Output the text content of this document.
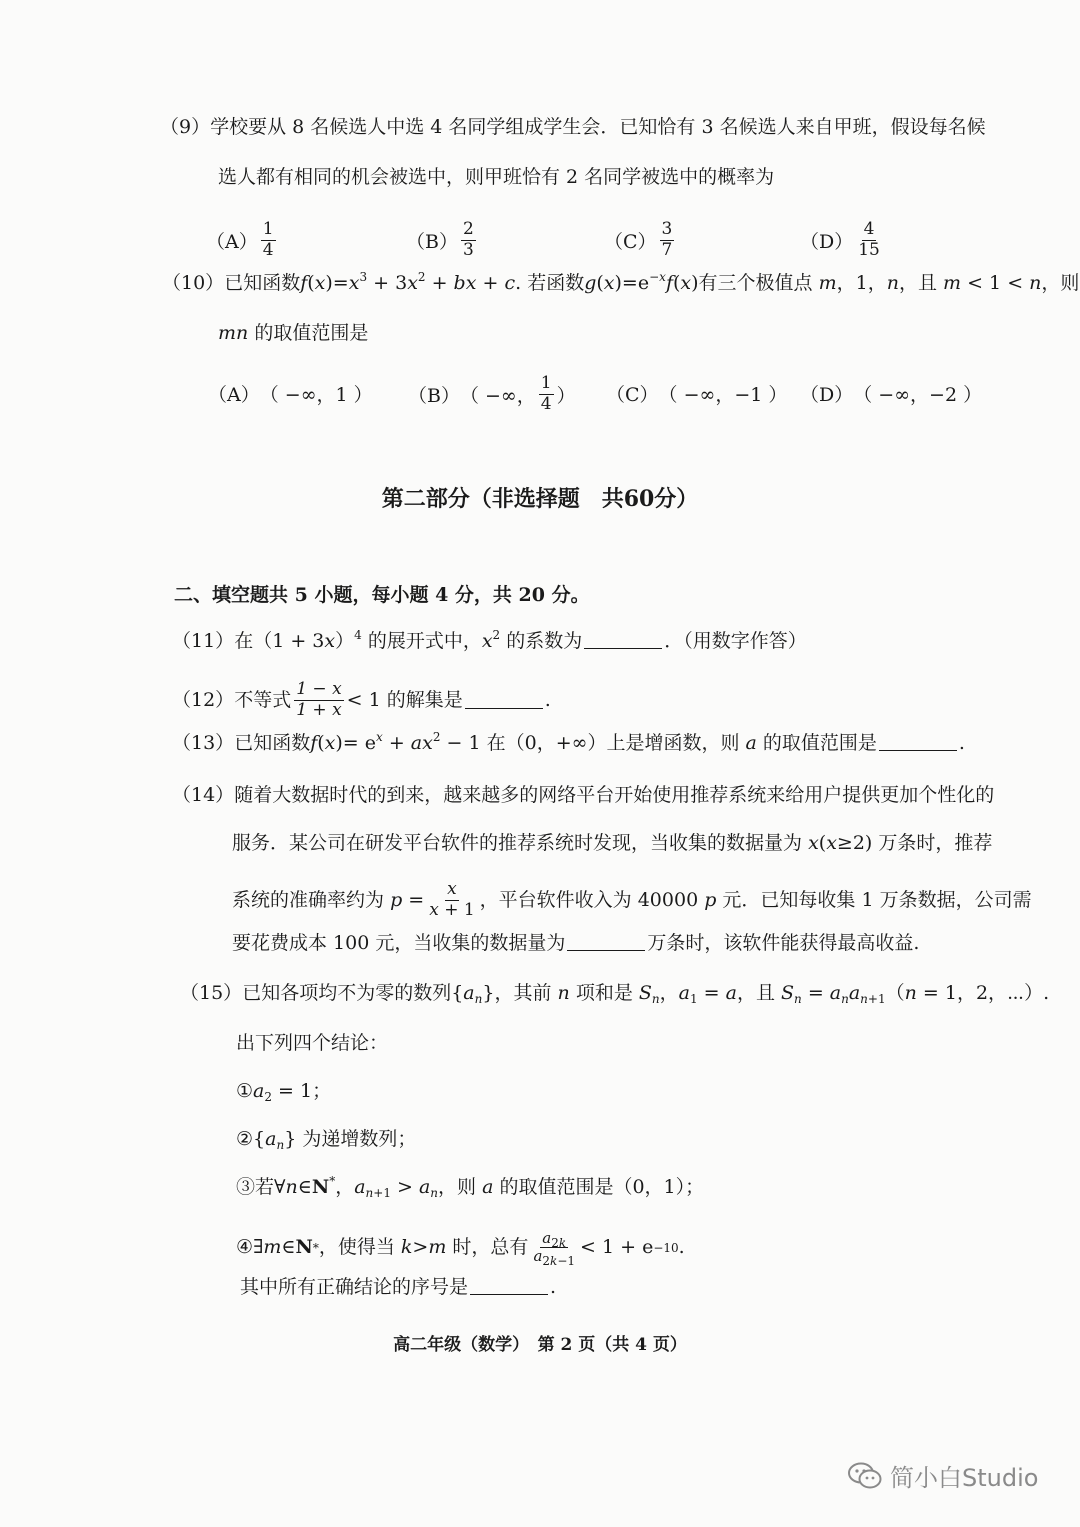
（9）学校要从 8 名候选人中选 4 名同学组成学生会．已知恰有 3 名候选人来自甲班，假设每名候
选人都有相同的机会被选中，则甲班恰有 2 名同学被选中的概率为
$(A) \frac{1}{4}$	$(B) \frac{2}{3}$	$(C) \frac{3}{7}$	$(D) \frac{4}{15}$
（10）已知函数$f(x)=x^3 + 3x^2$ + bx + c. 若函数$g(x)=e^{-x}f(x)$有三个极值点 m，1，n，且 m < 1 < n，则
mn 的取值范围是
（A） （ −∞，1 ） （B） （ −∞， $\frac{1}{4}$ ） （C） （ −∞，−1 ） （D） （ −∞，−2 ）
第二部分（非选择题　共60分）
二、填空题共 5 小题，每小题 4 分，共 20 分。
（11）在$(1 + 3x)^4$ 的展开式中，$x^2$ 的系数为	．（用数字作答）
（12） 不等式 $\frac{1 - x}{1 + x} < 1$ 的解集是	.
（13）已知函数$f(x)= e^x + ax^2 - 1$ 在（0，+∞）上是增函数，则 a 的取值范围是	.
（14）随着大数据时代的到来，越来越多的网络平台开始使用推荐系统来给用户提供更加个性化的
服务．某公司在研发平台软件的推荐系统时发现，当收集的数据量为 x(x≥2) 万条时，推荐
系统的准确率约为
$p = \frac{x}{x + 1}$ ，平台软件收入为 40000
p
元．已知每收集 1 万条数据，公司需
要花费成本 100 元，当收集的数据量为	万条时，该软件能获得最高收益.
（15）已知各项均不为零的数列$\{a_n\}$，其前 n 项和是 $S_n$，$a_1 = a$，且 $S_n = a_na_{n+1}(n = 1$，2，⋯）.
出下列四个结论：
$①a_2 = 1$；
$②\{a_n\}$ 为递增数列；
③若∀n∈N*，$a_{n+1} > a_n$，则 a 的取值范围是（0，1）；
④ ∃ m ∈ N * ，使得当
k > m
时，总有 $\frac{a_{2k}}{a_{2k-1}} < 1 + e -10$ .
其中所有正确结论的序号是	.
高二年级（数学）　第 2 页（共 4 页）
简小白Studio
